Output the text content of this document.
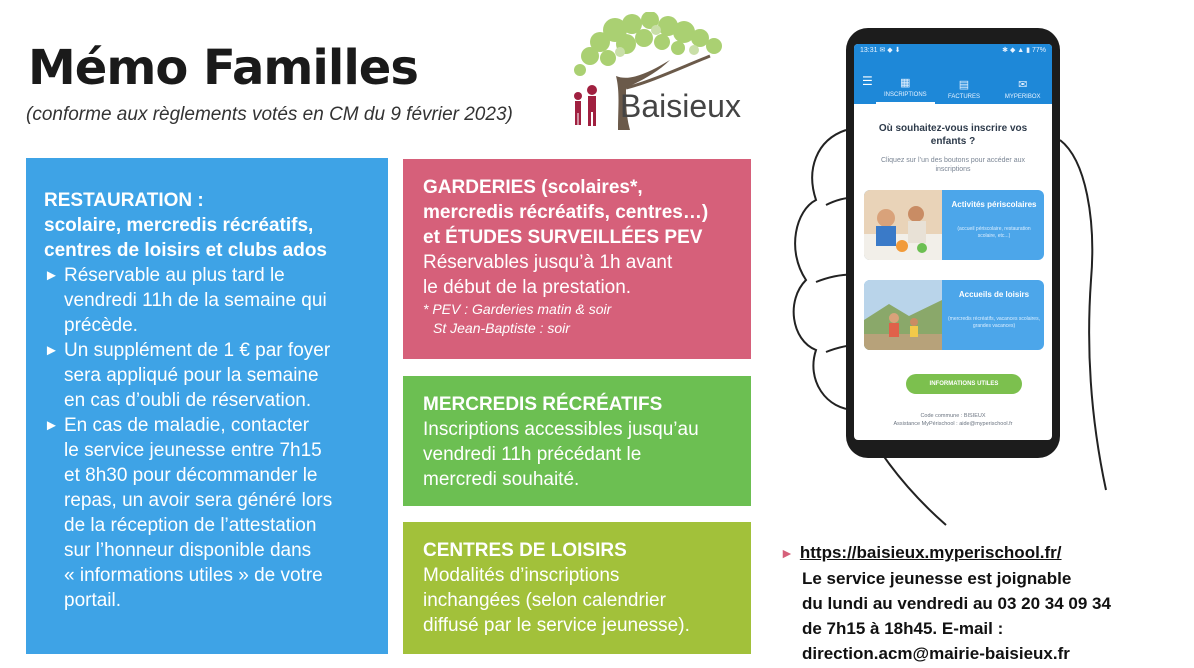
Mémo Familles
(conforme aux règlements votés en CM du 9 février 2023)	Baisieux
RESTAURATION :
scolaire, mercredis récréatifs,
centres de loisirs et clubs ados
► Réservable au plus tard le
vendredi 11h de la semaine qui
précède.
► Un supplément de 1 € par foyer
sera appliqué pour la semaine
en cas d’oubli de réservation.
► En cas de maladie, contacter
le service jeunesse entre 7h15
et 8h30 pour décommander le
repas, un avoir sera généré lors
de la réception de l’attestation
sur l’honneur disponible dans
« informations utiles » de votre
portail.
GARDERIES (scolaires*,
mercredis récréatifs, centres…)
et ÉTUDES SURVEILLÉES PEV
Réservables jusqu’à 1h avant
le début de la prestation.
* PEV : Garderies matin & soir
St Jean-Baptiste : soir
MERCREDIS RÉCRÉATIFS
Inscriptions accessibles jusqu’au
vendredi 11h précédant le
mercredi souhaité.
CENTRES DE LOISIRS
Modalités d’inscriptions
inchangées (selon calendrier
diffusé par le service jeunesse).
13:31 ✉ ◆ ⬇	✱ ◆ ▲ ▮ 77%
☰ ▦
INSCRIPTIONS
▤
FACTURES
✉
MYPERIBOX
Où souhaitez-vous inscrire vos enfants ?
Cliquez sur l’un des boutons pour accéder aux inscriptions
Activités périscolaires
(accueil périscolaire, restauration scolaire, etc...)
Accueils de loisirs
(mercredis récréatifs, vacances scolaires, grandes vacances)
INFORMATIONS UTILES
Code commune : BISIEUX
Assistance MyPérischool : aide@myperischool.fr
► https://baisieux.myperischool.fr/
Le service jeunesse est joignable
du lundi au vendredi au 03 20 34 09 34
de 7h15 à 18h45. E-mail :
direction.acm@mairie-baisieux.fr
